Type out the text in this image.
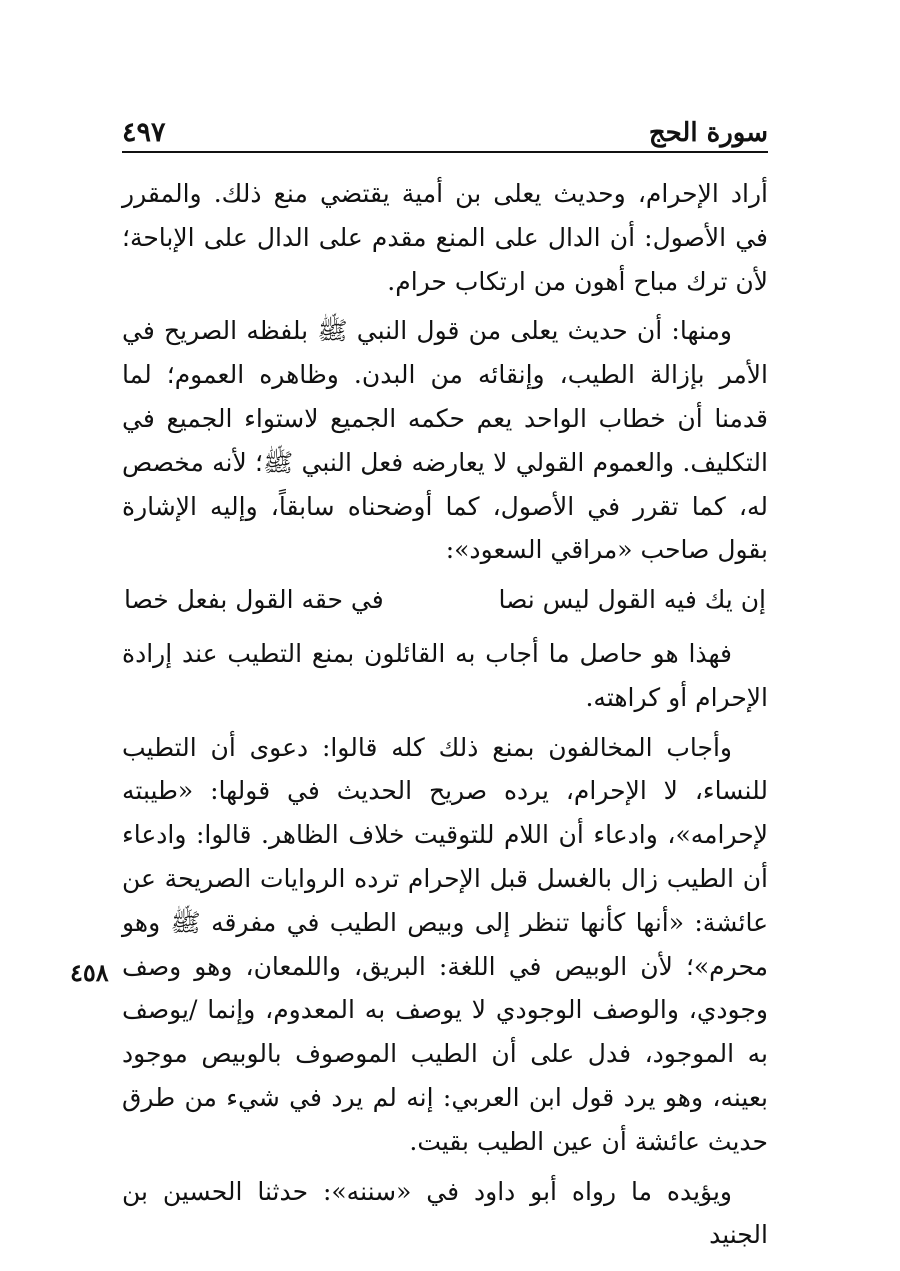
٤٩٧	سورة الحج

أراد الإحرام، وحديث يعلى بن أمية يقتضي منع ذلك. والمقرر في الأصول: أن الدال على المنع مقدم على الدال على الإباحة؛ لأن ترك مباح أهون من ارتكاب حرام.

ومنها: أن حديث يعلى من قول النبي ﷺ بلفظه الصريح في الأمر بإزالة الطيب، وإنقائه من البدن. وظاهره العموم؛ لما قدمنا أن خطاب الواحد يعم حكمه الجميع لاستواء الجميع في التكليف. والعموم القولي لا يعارضه فعل النبي ﷺ؛ لأنه مخصص له، كما تقرر في الأصول، كما أوضحناه سابقاً، وإليه الإشارة بقول صاحب «مراقي السعود»:

إن يك فيه القول ليس نصا
في حقه القول بفعل خصا

فهذا هو حاصل ما أجاب به القائلون بمنع التطيب عند إرادة الإحرام أو كراهته.

وأجاب المخالفون بمنع ذلك كله قالوا: دعوى أن التطيب للنساء، لا الإحرام، يرده صريح الحديث في قولها: «طيبته لإحرامه»، وادعاء أن اللام للتوقيت خلاف الظاهر. قالوا: وادعاء أن الطيب زال بالغسل قبل الإحرام ترده الروايات الصريحة عن عائشة: «أنها كأنها تنظر إلى وبيص الطيب في مفرقه ﷺ وهو محرم»؛ لأن الوبيص في اللغة: البريق، واللمعان، وهو وصف وجودي، والوصف الوجودي لا يوصف به المعدوم، وإنما /يوصف به الموجود، فدل على أن الطيب الموصوف بالوبيص موجود بعينه، وهو يرد قول ابن العربي: إنه لم يرد في شيء من طرق حديث عائشة أن عين الطيب بقيت.

ويؤيده ما رواه أبو داود في «سننه»: حدثنا الحسين بن الجنيد

٤٥٨
